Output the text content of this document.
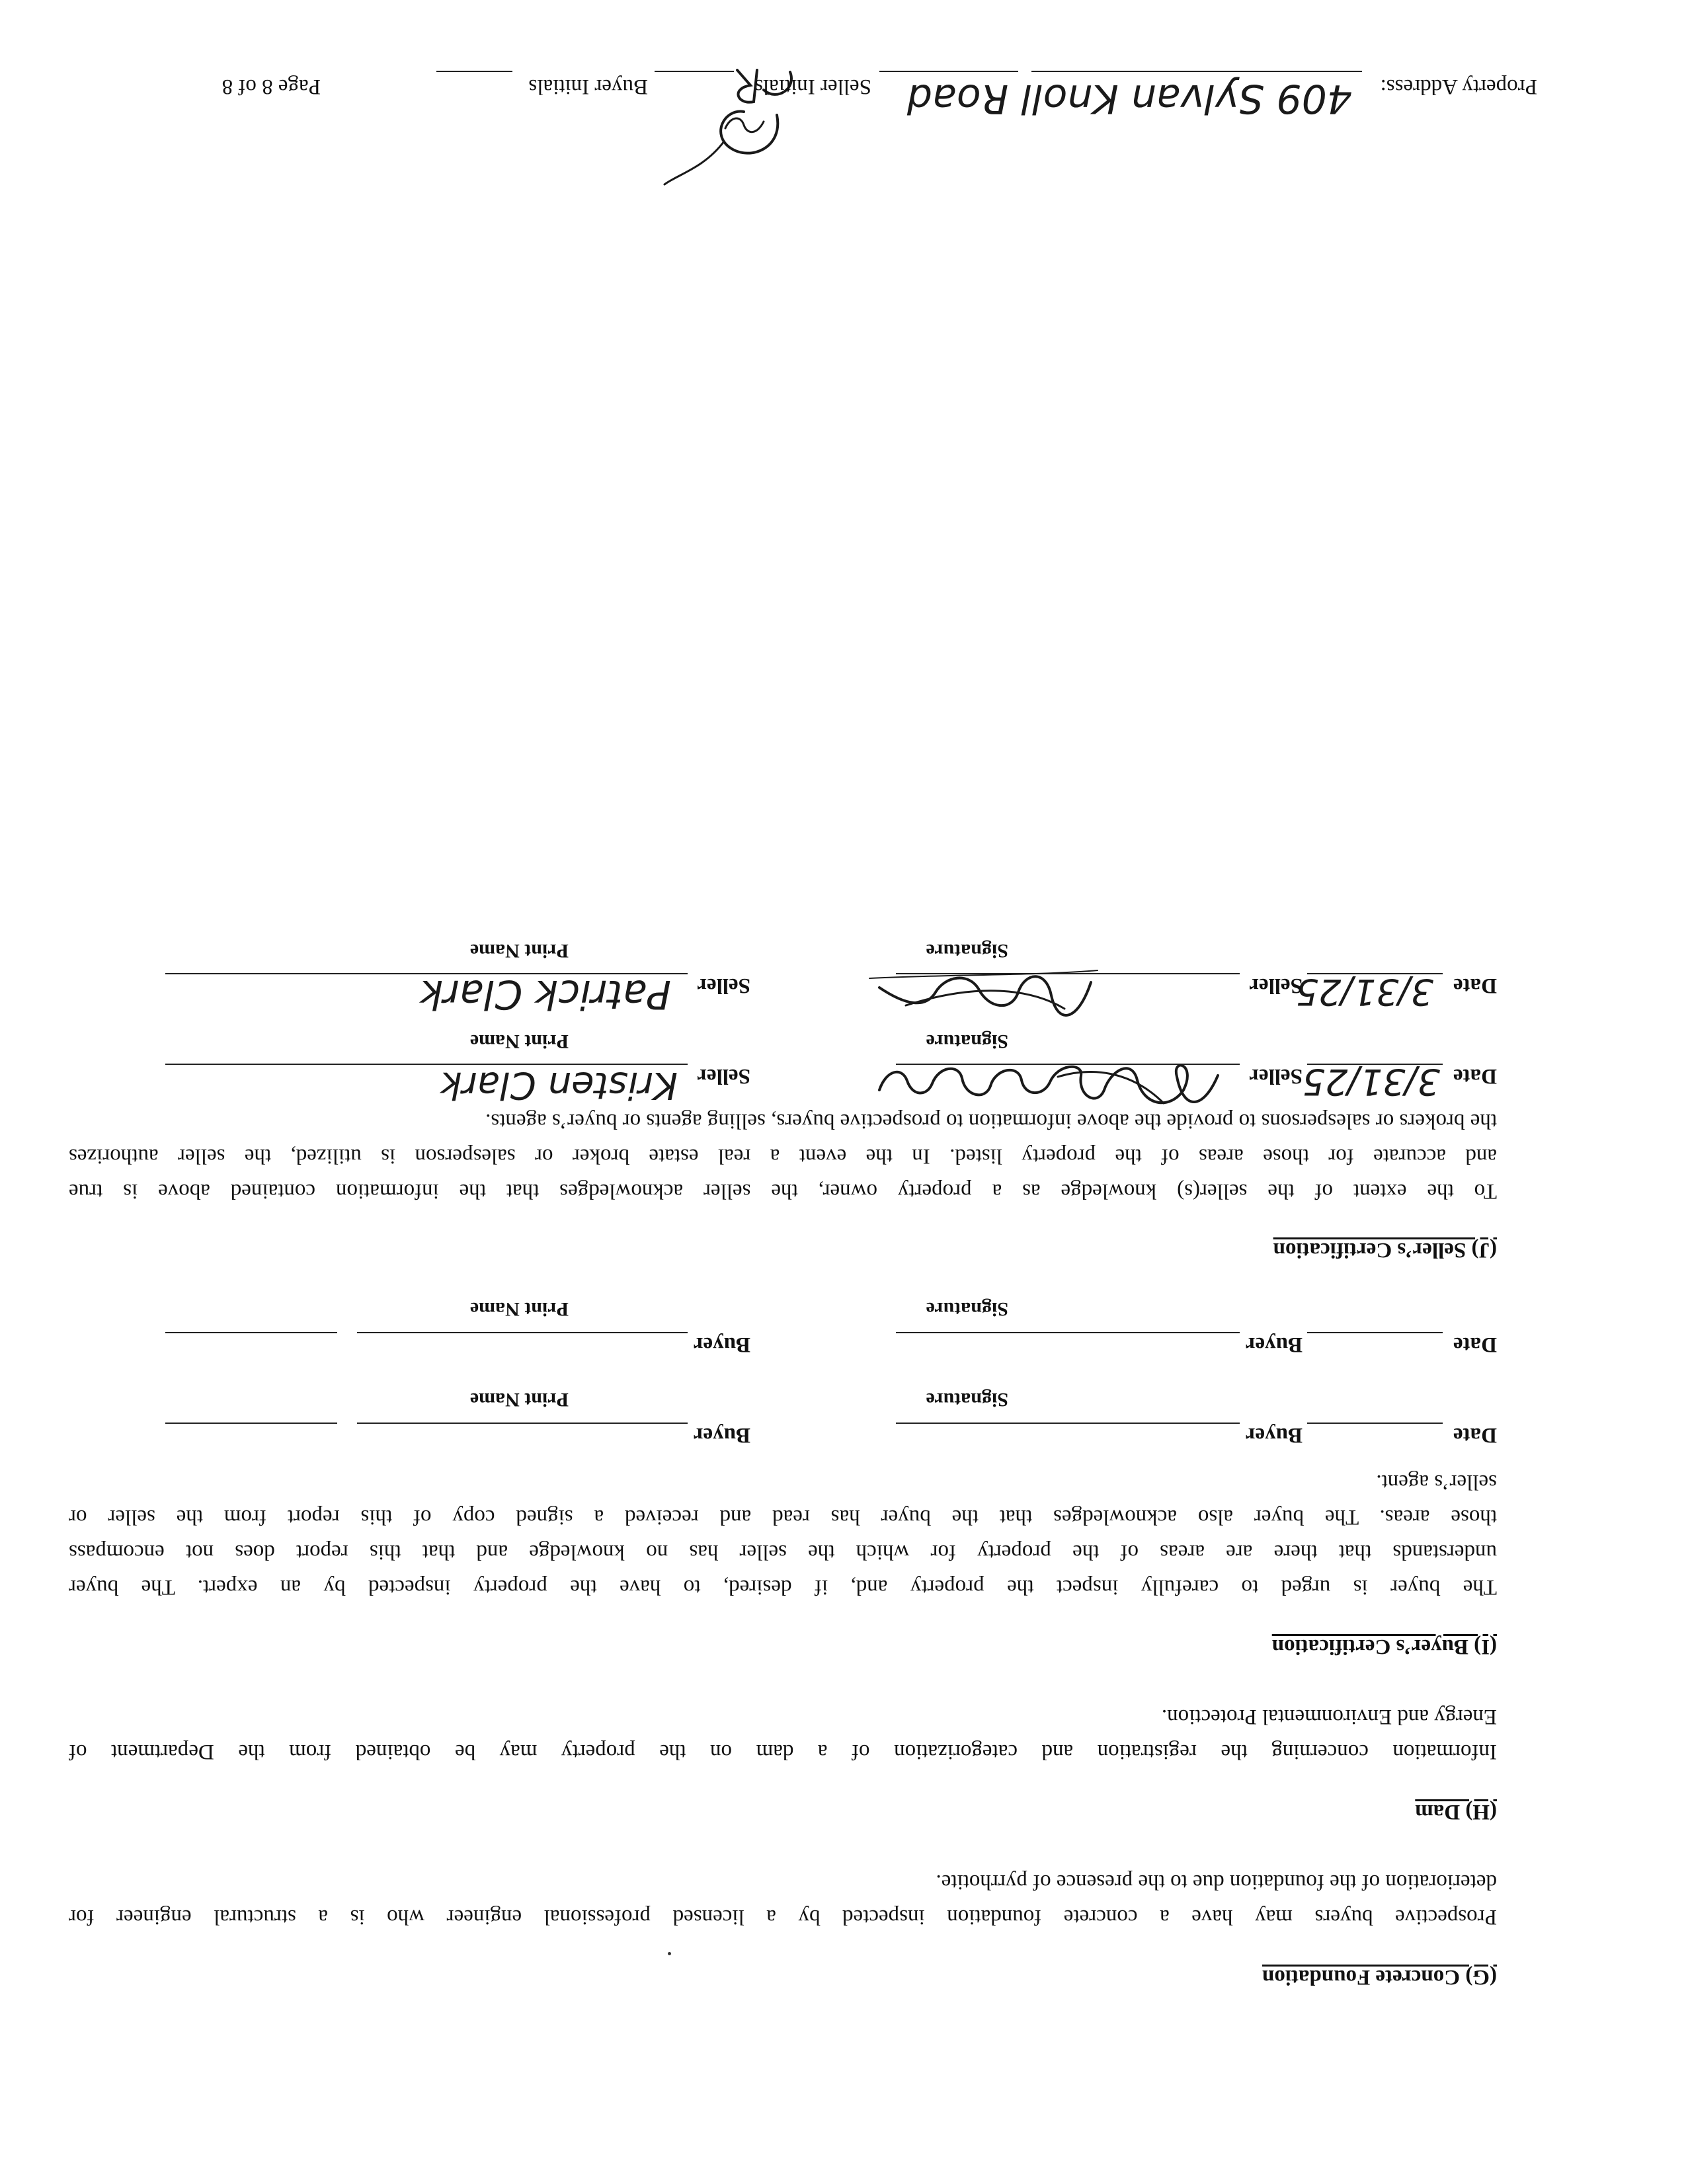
(G) Concrete Foundation
Prospective buyers may have a concrete foundation inspected by a licensed professional engineer who is a structural engineer for
deterioration of the foundation due to the presence of pyrrhotite.
(H) Dam
Information concerning the registration and categorization of a dam on the property may be obtained from the Department of
Energy and Environmental Protection.
(I) Buyer’s Certification
The buyer is urged to carefully inspect the property and, if desired, to have the property inspected by an expert. The buyer
understands that there are areas of the property for which the seller has no knowledge and that this report does not encompass
those areas. The buyer also acknowledges that the buyer has read and received a signed copy of this report from the seller or
seller’s agent.
Date
Buyer
Buyer
Signature
Print Name
Date
Buyer
Buyer
Signature
Print Name
(J) Seller’s Certification
To the extent of the seller(s) knowledge as a property owner, the seller acknowledges that the information contained above is true
and accurate for those areas of the property listed. In the event a real estate broker or salesperson is utilized, the seller authorizes
the brokers or salespersons to provide the above information to prospective buyers, selling agents or buyer’s agents.
Date
3/31/25
Seller
Seller
Kristen Clark
Signature
Print Name
Date
3/31/25
Seller
Seller
Patrick Clark
Signature
Print Name
Property Address:
409 Sylvan Knoll Road
Seller Initials
Buyer Initials
Page 8 of 8
